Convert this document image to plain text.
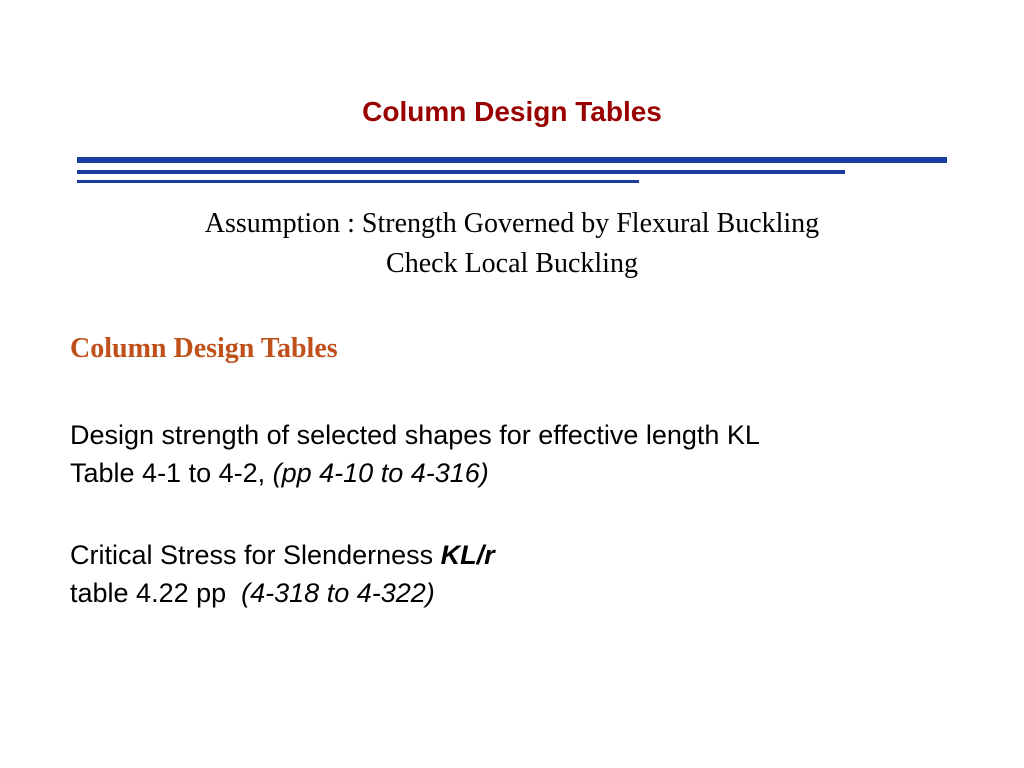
Column Design Tables
Assumption : Strength Governed by Flexural Buckling
Check Local Buckling
Column Design Tables
Design strength of selected shapes for effective length KL
Table 4-1 to 4-2, (pp 4-10 to 4-316)
Critical Stress for Slenderness KL/r
table 4.22 pp  (4-318 to 4-322)
